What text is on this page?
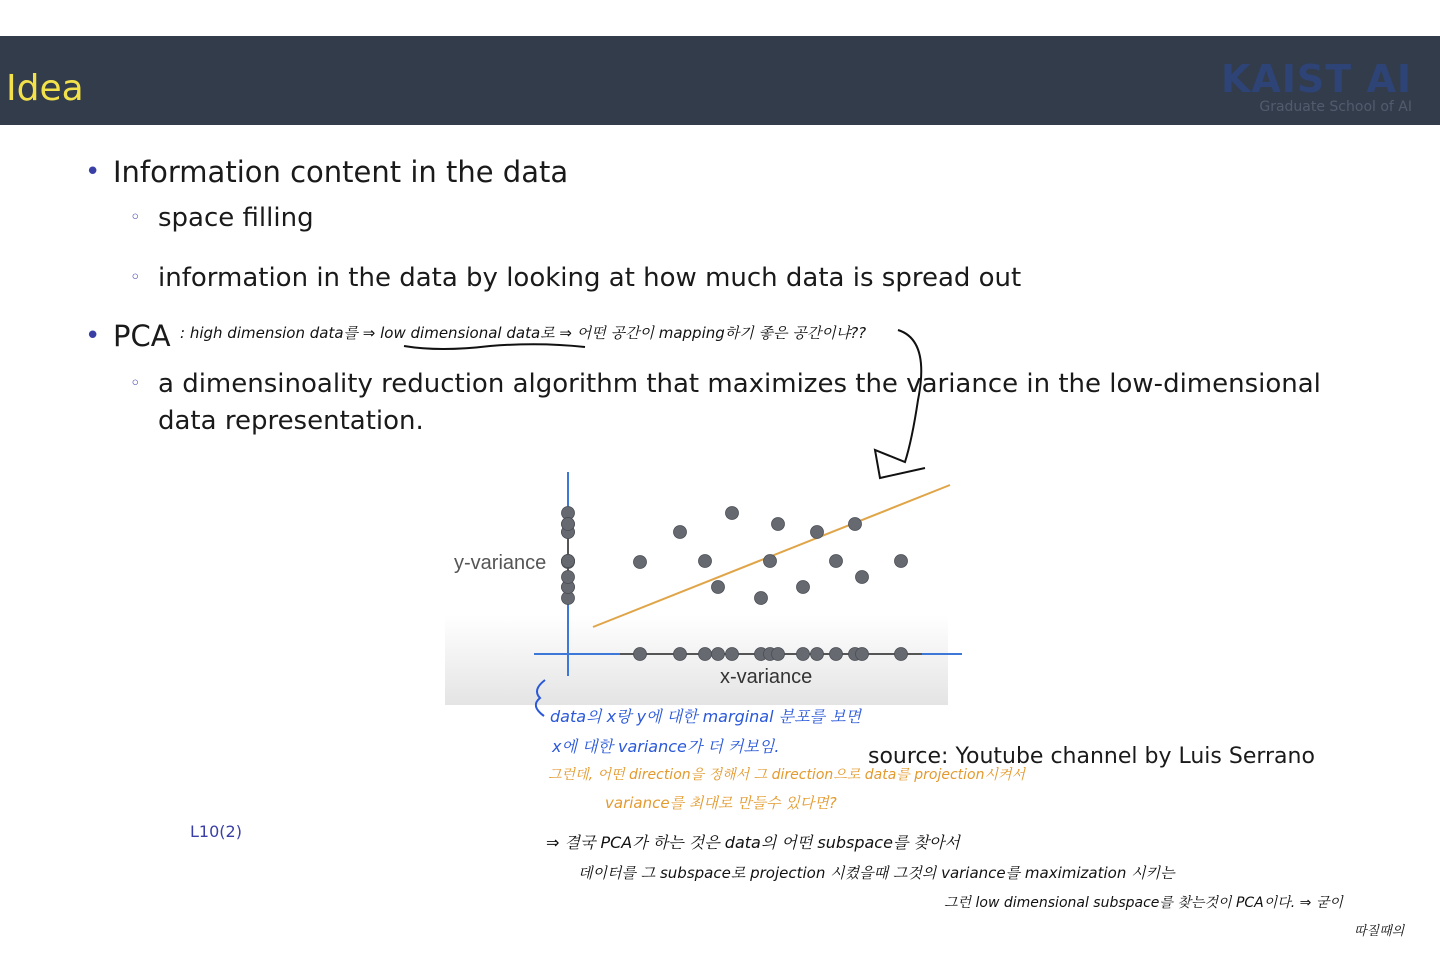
Idea	KAIST AI
Graduate School of AI
• Information content in the data
◦ space filling
◦ information in the data by looking at how much data is spread out
• PCA : high dimension data를 ⇒ low dimensional data로 ⇒ 어떤 공간이 mapping하기 좋은 공간이냐??
◦ a dimensinoality reduction algorithm that maximizes the variance in the low-dimensional
data representation.
y-variance
x-variance
data의 x랑 y에 대한 marginal 분포를 보면
x에 대한 variance가 더 커보임.
그런데, 어떤 direction을 정해서 그 direction으로 data를 projection시켜서
variance를 최대로 만들수 있다면?
source: Youtube channel by Luis Serrano
L10(2)
⇒ 결국 PCA가 하는 것은 data의 어떤 subspace를 찾아서
데이터를 그 subspace로 projection 시켰을때 그것의 variance를 maximization 시키는
그런 low dimensional subspace를 찾는것이 PCA이다. ⇒ 굳이
따질때의
